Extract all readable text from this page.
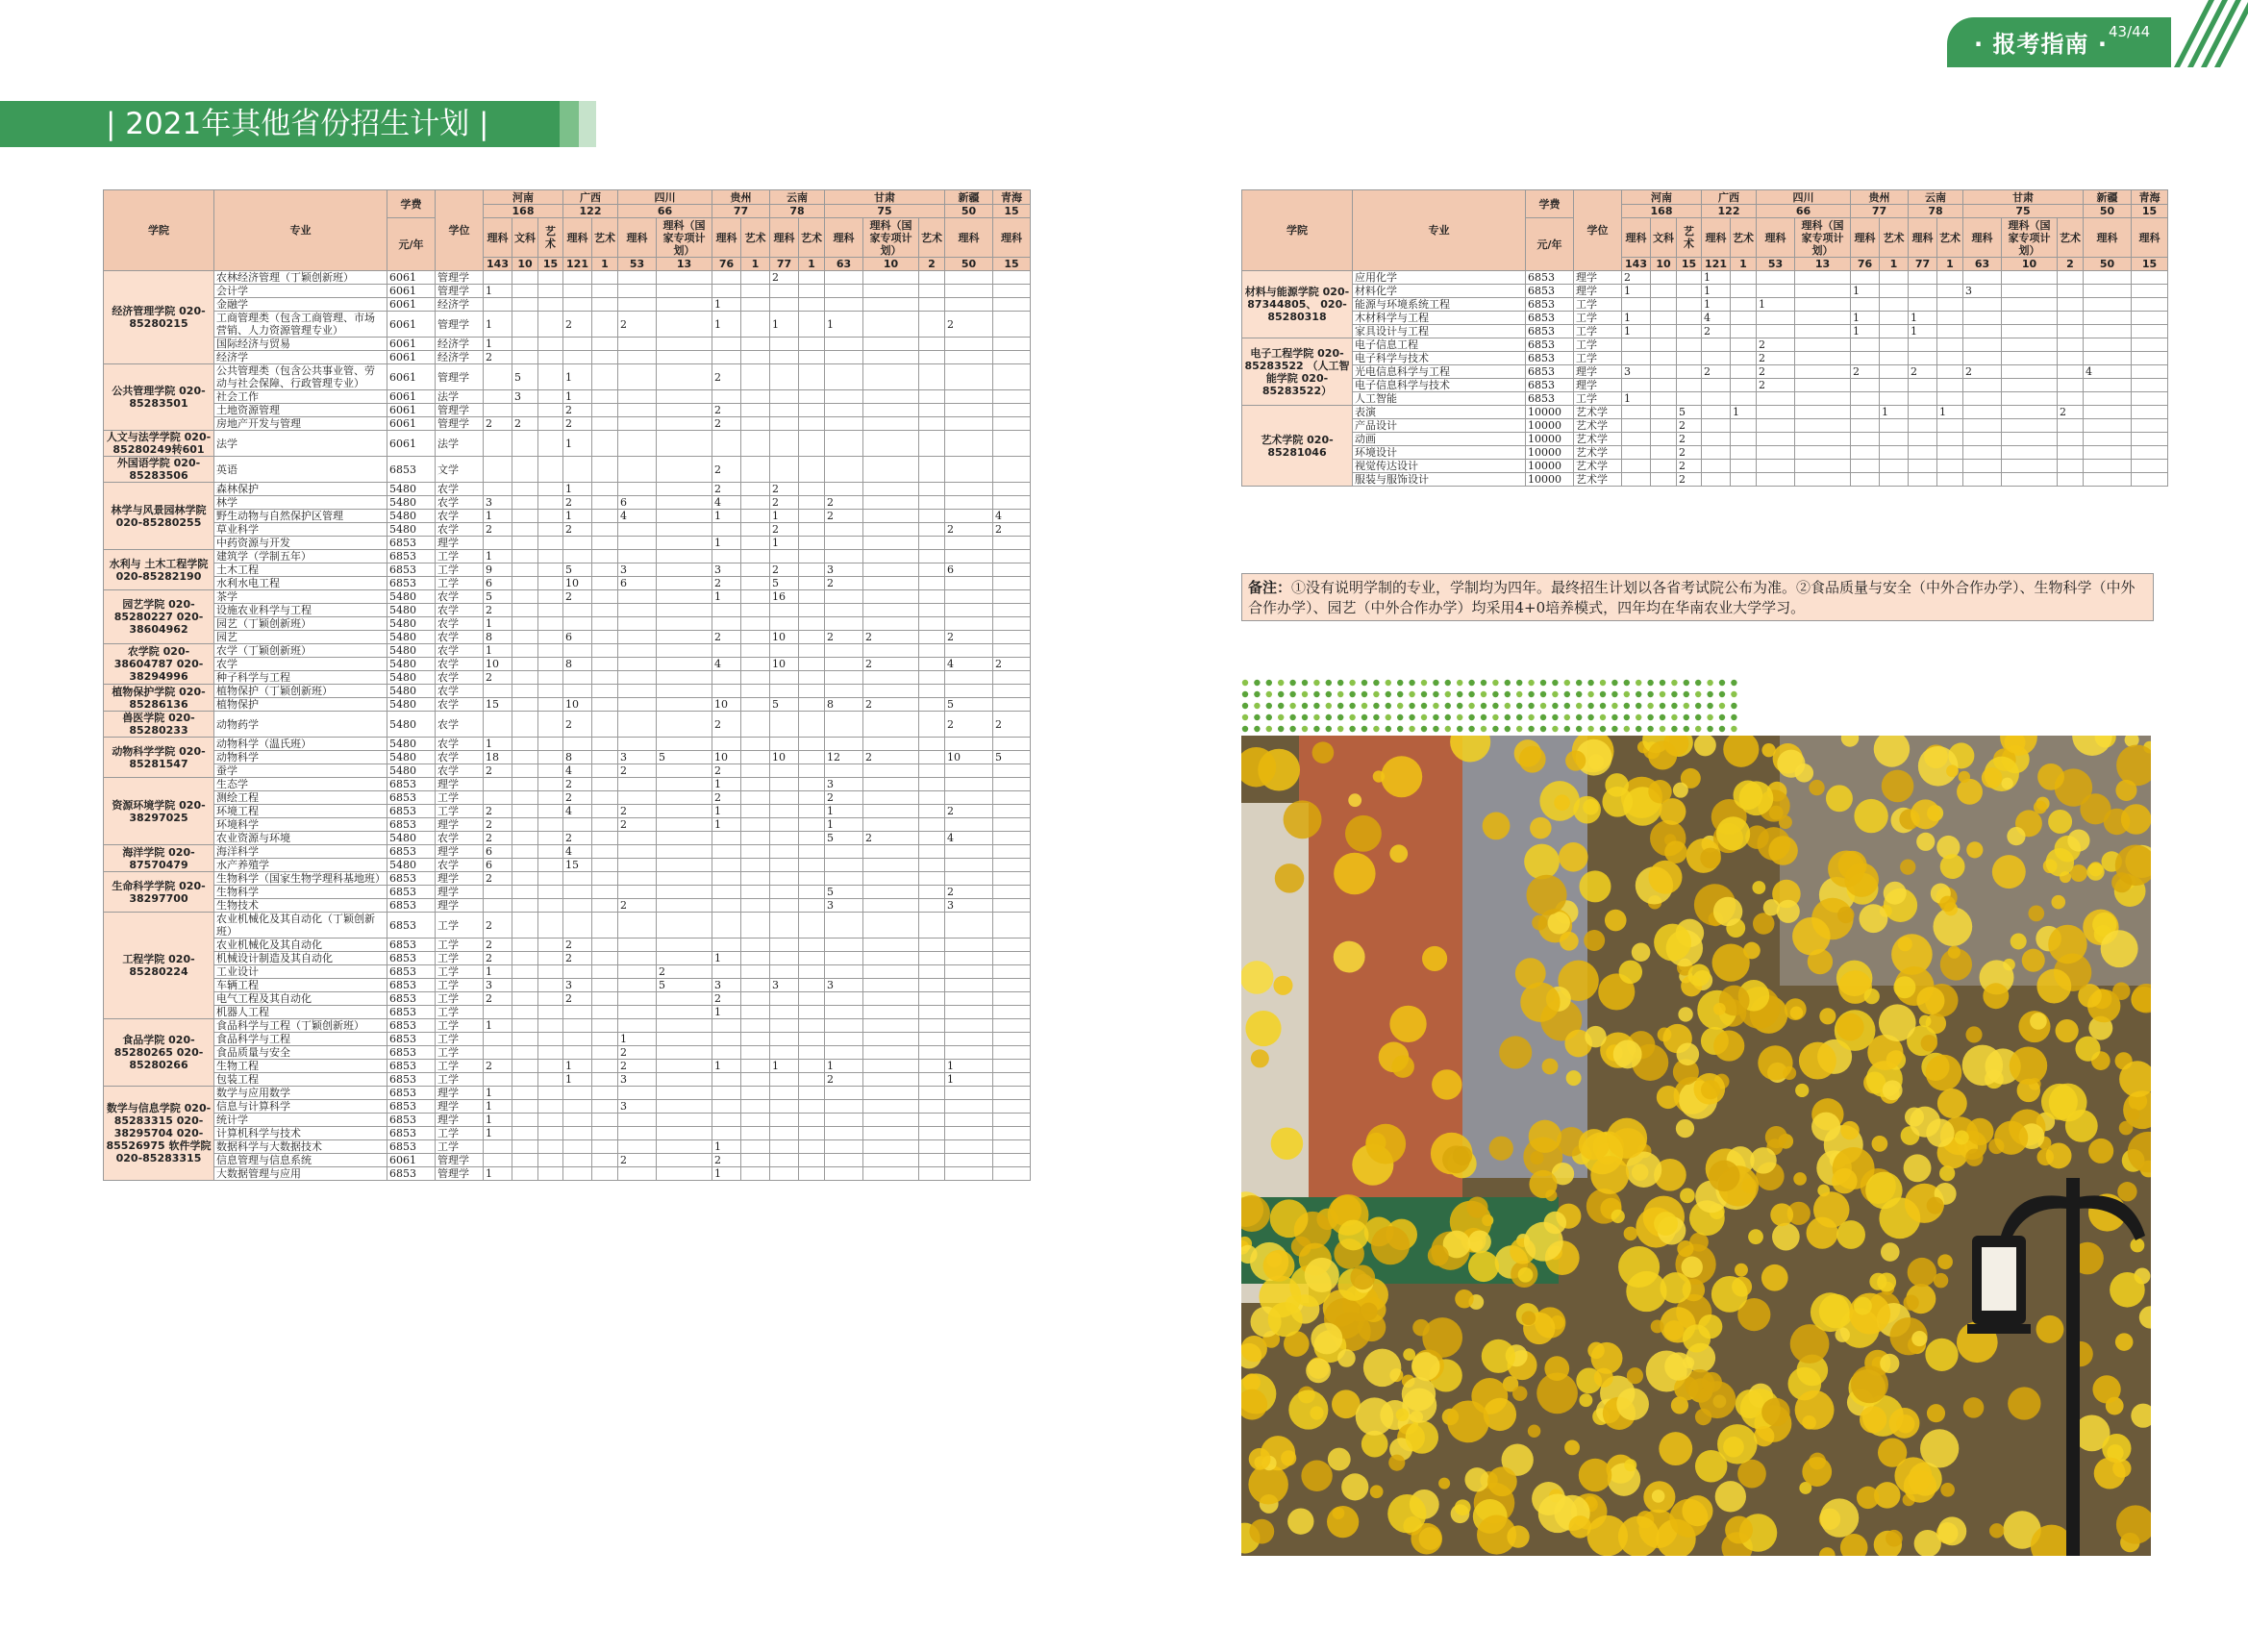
| 2021年其他省份招生计划 |
· 报考指南 · 43/44
学院	专业	学费	学位	河南			广西		四川		贵州		云南		甘肃			新疆	青海
				168			122		66		77		78		75			50	15
		元/年		理科	文科	艺术	理科	艺术	理科	理科（国家专项计划）	理科	艺术	理科	艺术	理科	理科（国家专项计划）	艺术	理科	理科
				143	10	15	121	1	53	13	76	1	77	1	63	10	2	50	15
经济管理学院 020-85280215	农林经济管理（丁颖创新班）	6061	管理学										2						
	会计学	6061	管理学	1															
	金融学	6061	经济学								1								
	工商管理类（包含工商管理、市场营销、人力资源管理专业）	6061	管理学	1			2		2		1		1		1			2	
	国际经济与贸易	6061	经济学	1															
	经济学	6061	经济学	2															
公共管理学院 020-85283501	公共管理类（包含公共事业管、劳动与社会保障、行政管理专业）	6061	管理学		5		1				2								
	社会工作	6061	法学		3		1												
	土地资源管理	6061	管理学				2				2								
	房地产开发与管理	6061	管理学	2	2		2				2								
人文与法学学院 020-85280249转601	法学	6061	法学				1												
外国语学院 020-85283506	英语	6853	文学								2								
林学与风景园林学院 020-85280255	森林保护	5480	农学				1				2		2						
	林学	5480	农学	3			2		6		4		2		2				
	野生动物与自然保护区管理	5480	农学	1			1		4		1		1		2				4
	草业科学	5480	农学	2			2						2					2	2
	中药资源与开发	6853	理学								1		1						
水利与 土木工程学院 020-85282190	建筑学（学制五年）	6853	工学	1															
	土木工程	6853	工学	9			5		3		3		2		3			6	
	水利水电工程	6853	工学	6			10		6		2		5		2				
园艺学院 020-85280227 020-38604962	茶学	5480	农学	5			2				1		16						
	设施农业科学与工程	5480	农学	2															
	园艺（丁颖创新班）	5480	农学	1															
	园艺	5480	农学	8			6				2		10		2	2		2	
农学院 020-38604787 020-38294996	农学（丁颖创新班）	5480	农学	1															
	农学	5480	农学	10			8				4		10			2		4	2
	种子科学与工程	5480	农学	2															
植物保护学院 020-85286136	植物保护（丁颖创新班）	5480	农学																
	植物保护	5480	农学	15			10				10		5		8	2		5	
兽医学院 020-85280233	动物药学	5480	农学				2				2							2	2
动物科学学院 020-85281547	动物科学（温氏班）	5480	农学	1															
	动物科学	5480	农学	18			8		3	5	10		10		12	2		10	5
	蚕学	5480	农学	2			4		2		2								
资源环境学院 020-38297025	生态学	6853	理学				2				1				3				
	测绘工程	6853	工学				2				2				2				
	环境工程	6853	工学	2			4		2		1				1			2	
	环境科学	6853	理学	2					2		1				1				
	农业资源与环境	5480	农学	2			2								5	2		4	
海洋学院 020-87570479	海洋科学	6853	理学	6			4												
	水产养殖学	5480	农学	6			15												
生命科学学院 020-38297700	生物科学（国家生物学理科基地班）	6853	理学	2															
	生物科学	6853	理学												5			2	
	生物技术	6853	理学						2						3			3	
工程学院 020-85280224	农业机械化及其自动化（丁颖创新班）	6853	工学	2															
	农业机械化及其自动化	6853	工学	2			2												
	机械设计制造及其自动化	6853	工学	2			2				1								
	工业设计	6853	工学	1						2									
	车辆工程	6853	工学	3			3			5	3		3		3				
	电气工程及其自动化	6853	工学	2			2				2								
	机器人工程	6853	工学								1								
食品学院 020-85280265 020-85280266	食品科学与工程（丁颖创新班）	6853	工学	1															
	食品科学与工程	6853	工学						1										
	食品质量与安全	6853	工学						2										
	生物工程	6853	工学	2			1		2		1		1		1			1	
	包装工程	6853	工学				1		3						2			1	
数学与信息学院 020-85283315 020-38295704 020-85526975 软件学院 020-85283315	数学与应用数学	6853	理学	1															
	信息与计算科学	6853	理学	1					3										
	统计学	6853	理学	1															
	计算机科学与技术	6853	工学	1															
	数据科学与大数据技术	6853	工学								1								
	信息管理与信息系统	6061	管理学						2		2								
	大数据管理与应用	6853	管理学	1							1								
学院	专业	学费	学位	河南			广西		四川		贵州		云南		甘肃			新疆	青海
				168			122		66		77		78		75			50	15
		元/年		理科	文科	艺术	理科	艺术	理科	理科（国家专项计划）	理科	艺术	理科	艺术	理科	理科（国家专项计划）	艺术	理科	理科
				143	10	15	121	1	53	13	76	1	77	1	63	10	2	50	15
材料与能源学院 020-87344805、 020-85280318	应用化学	6853	理学	2			1												
	材料化学	6853	理学	1			1				1				3				
	能源与环境系统工程	6853	工学				1		1										
	木材科学与工程	6853	工学	1			4				1		1						
	家具设计与工程	6853	工学	1			2				1		1						
电子工程学院 020-85283522 （人工智能学院 020-85283522）	电子信息工程	6853	工学						2										
	电子科学与技术	6853	工学						2										
	光电信息科学与工程	6853	理学	3			2		2		2		2		2			4	
	电子信息科学与技术	6853	理学						2										
	人工智能	6853	工学	1															
艺术学院 020-85281046	表演	10000	艺术学			5		1				1		1			2		
	产品设计	10000	艺术学			2													
	动画	10000	艺术学			2													
	环境设计	10000	艺术学			2													
	视觉传达设计	10000	艺术学			2													
	服装与服饰设计	10000	艺术学			2													
备注：①没有说明学制的专业，学制均为四年。最终招生计划以各省考试院公布为准。②食品质量与安全（中外合作办学）、生物科学（中外合作办学）、园艺（中外合作办学）均采用4+0培养模式，四年均在华南农业大学学习。
